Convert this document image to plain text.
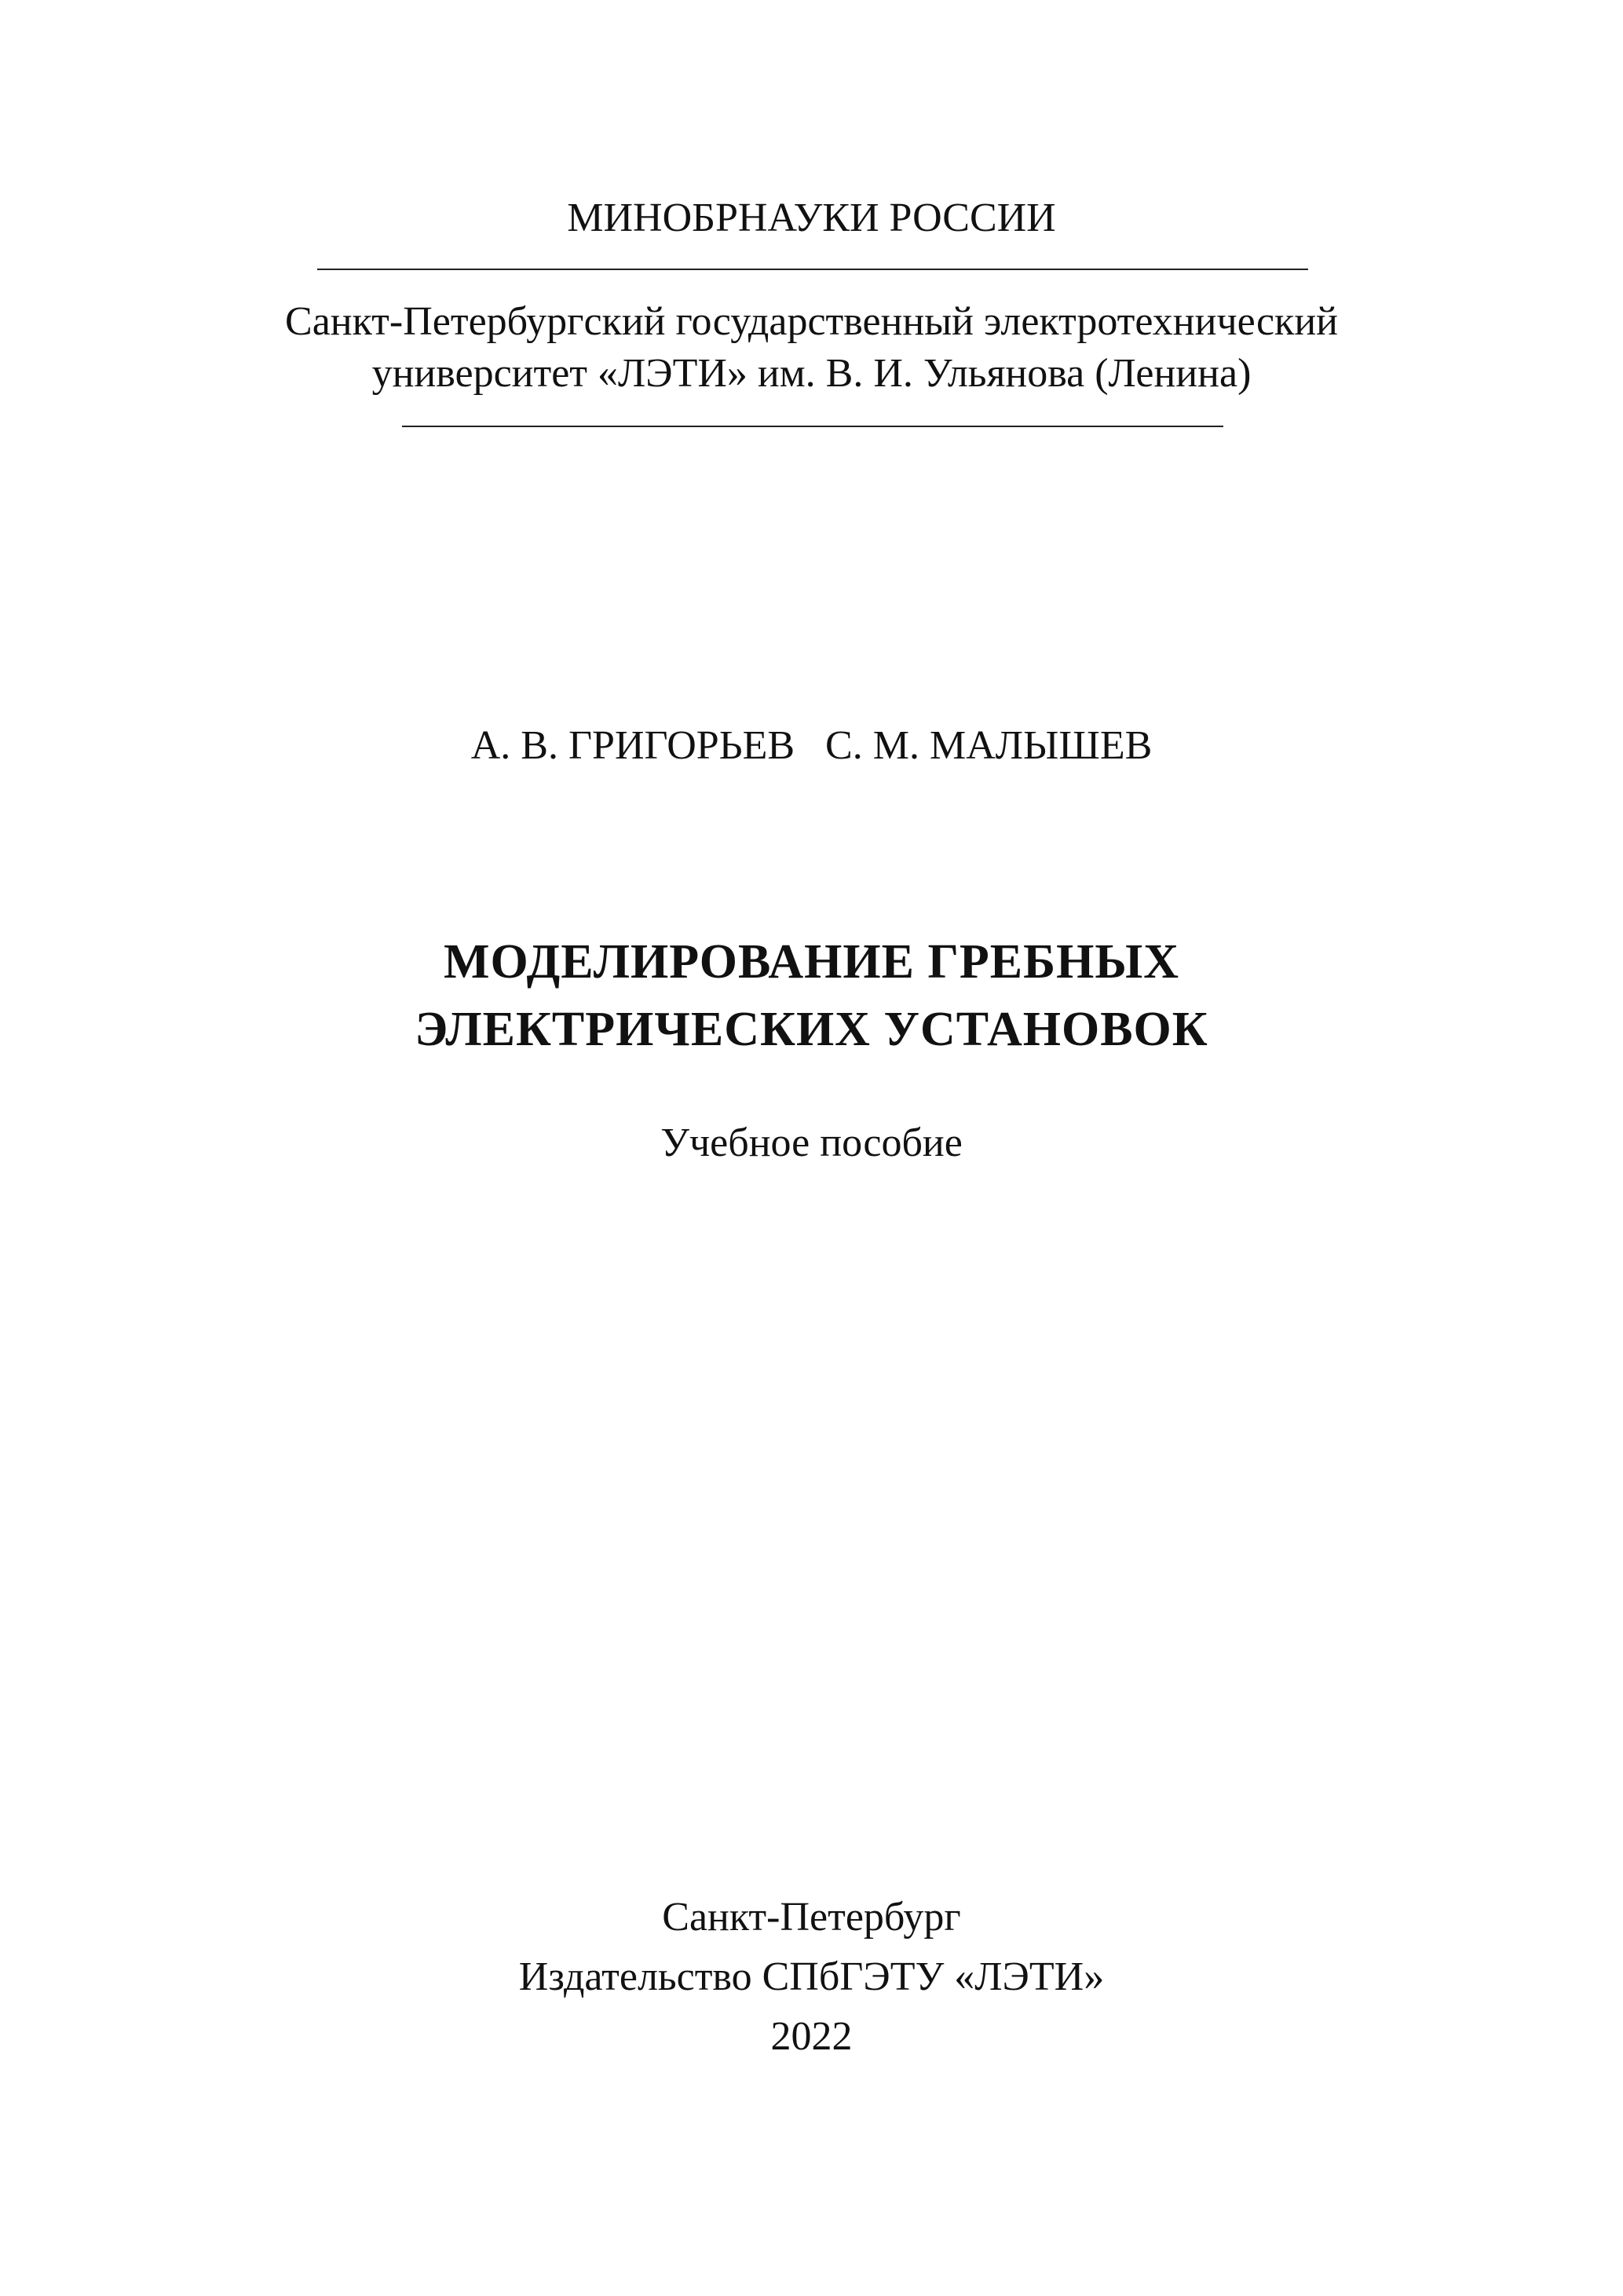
МИНОБРНАУКИ РОССИИ
Санкт-Петербургский государственный электротехнический
университет «ЛЭТИ» им. В. И. Ульянова (Ленина)
А. В. ГРИГОРЬЕВ   С. М. МАЛЫШЕВ
МОДЕЛИРОВАНИЕ ГРЕБНЫХ
ЭЛЕКТРИЧЕСКИХ УСТАНОВОК
Учебное пособие
Санкт-Петербург
Издательство СПбГЭТУ «ЛЭТИ»
2022
